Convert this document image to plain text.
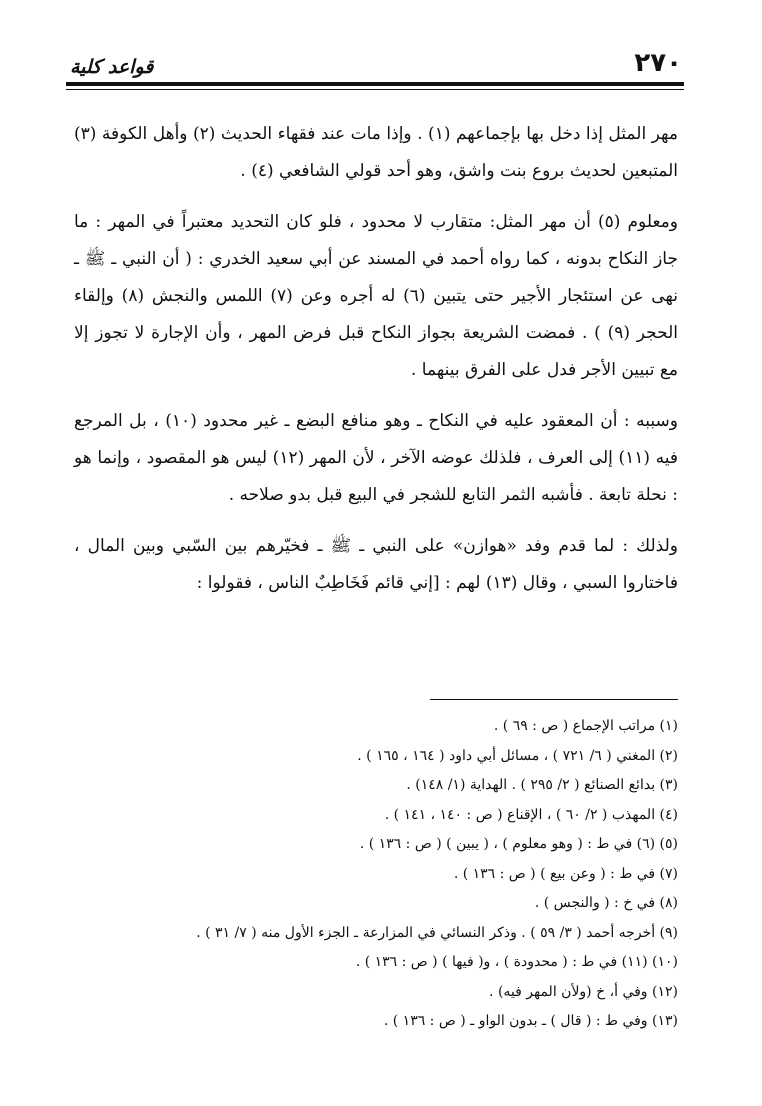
قواعد كلية	٢٧٠

مهر المثل إذا دخل بها بإجماعهم (١) . وإذا مات عند فقهاء الحديث (٢) وأهل الكوفة (٣) المتبعين لحديث بروع بنت واشق، وهو أحد قولي الشافعي (٤) .

ومعلوم (٥) أن مهر المثل: متقارب لا محدود ، فلو كان التحديد معتبراً في المهر : ما جاز النكاح بدونه ، كما رواه أحمد في المسند عن أبي سعيد الخدري : ( أن النبي ـ ﷺ ـ نهى عن استئجار الأجير حتى يتبين (٦) له أجره وعن (٧) اللمس والنجش (٨) وإلقاء الحجر (٩) ) . فمضت الشريعة بجواز النكاح قبل فرض المهر ، وأن الإجارة لا تجوز إلا مع تبيين الأجر فدل على الفرق بينهما .

وسببه : أن المعقود عليه في النكاح ـ وهو منافع البضع ـ غير محدود (١٠) ، بل المرجع فيه (١١) إلى العرف ، فلذلك عوضه الآخر ، لأن المهر (١٢) ليس هو المقصود ، وإنما هو : نحلة تابعة . فأشبه الثمر التابع للشجر في البيع قبل بدو صلاحه .

ولذلك : لما قدم وفد «هوازن» على النبي ـ ﷺ ـ فخيّرهم بين السّبي وبين المال ، فاختاروا السبي ، وقال (١٣) لهم : [إني قائم فَخَاطِبٌ الناس ، فقولوا :

(١) مراتب الإجماع ( ص : ٦٩ ) .
(٢) المغني ( ٦/ ٧٢١ ) ، مسائل أبي داود ( ١٦٤ ، ١٦٥ ) .
(٣) بدائع الصنائع ( ٢/ ٢٩٥ ) . الهداية (١/ ١٤٨) .
(٤) المهذب ( ٢/ ٦٠ ) ، الإقناع ( ص : ١٤٠ ، ١٤١ ) .
(٥) (٦) في ط : ( وهو معلوم ) ، ( يبين ) ( ص : ١٣٦ ) .
(٧) في ط : ( وعن بيع ) ( ص : ١٣٦ ) .
(٨) في خ : ( والنجس ) .
(٩) أخرجه أحمد ( ٣/ ٥٩ ) . وذكر النسائي في المزارعة ـ الجزء الأول منه ( ٧/ ٣١ ) .
(١٠) (١١) في ط : ( محدودة ) ، و( فيها ) ( ص : ١٣٦ ) .
(١٢) وفي أ، خ (ولأن المهر فيه) .
(١٣) وفي ط : ( قال ) ـ بدون الواو ـ ( ص : ١٣٦ ) .
